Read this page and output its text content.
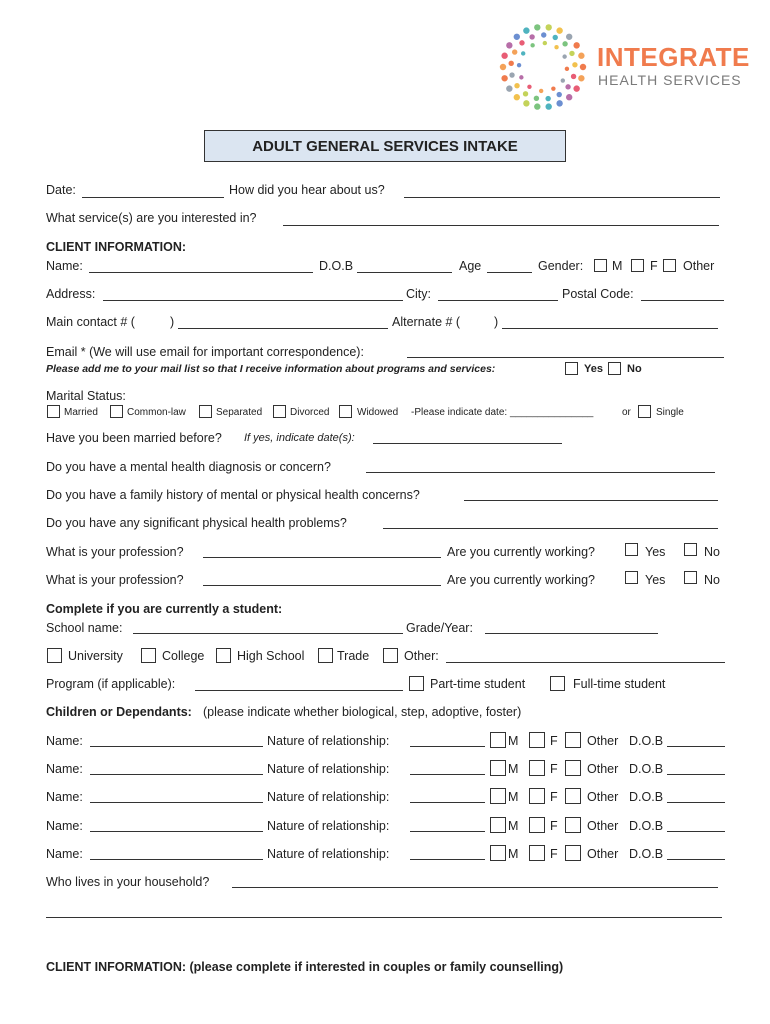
INTEGRATE
HEALTH SERVICES
ADULT GENERAL SERVICES INTAKE
Date:	How did you hear about us?
What service(s) are you interested in?
CLIENT INFORMATION:
Name:	D.O.B	Age	Gender: M F Other
Address:	City:	Postal Code:
Main contact # (	)	Alternate # (	)
Email * (We will use email for important correspondence):
Please add me to your mail list so that I receive information about programs and services:	Yes No
Marital Status:
Married	Common-law	Separated	Divorced	Widowed -Please indicate date: _______________	or	Single
Have you been married before? If yes, indicate date(s):
Do you have a mental health diagnosis or concern?
Do you have a family history of mental or physical health concerns?
Do you have any significant physical health problems?
What is your profession?	Are you currently working?	Yes	No
What is your profession?	Are you currently working?	Yes	No
Complete if you are currently a student:
School name:	Grade/Year:
University	College	High School	Trade	Other:
Program (if applicable):	Part-time student	Full-time student
Children or Dependants: (please indicate whether biological, step, adoptive, foster)
Name:	Nature of relationship:	M	F Other D.O.B
Name:	Nature of relationship:	M	F Other D.O.B
Name:	Nature of relationship:	M	F Other D.O.B
Name:	Nature of relationship:	M	F Other D.O.B
Name:	Nature of relationship:	M	F Other D.O.B
Who lives in your household?
CLIENT INFORMATION: (please complete if interested in couples or family counselling)
